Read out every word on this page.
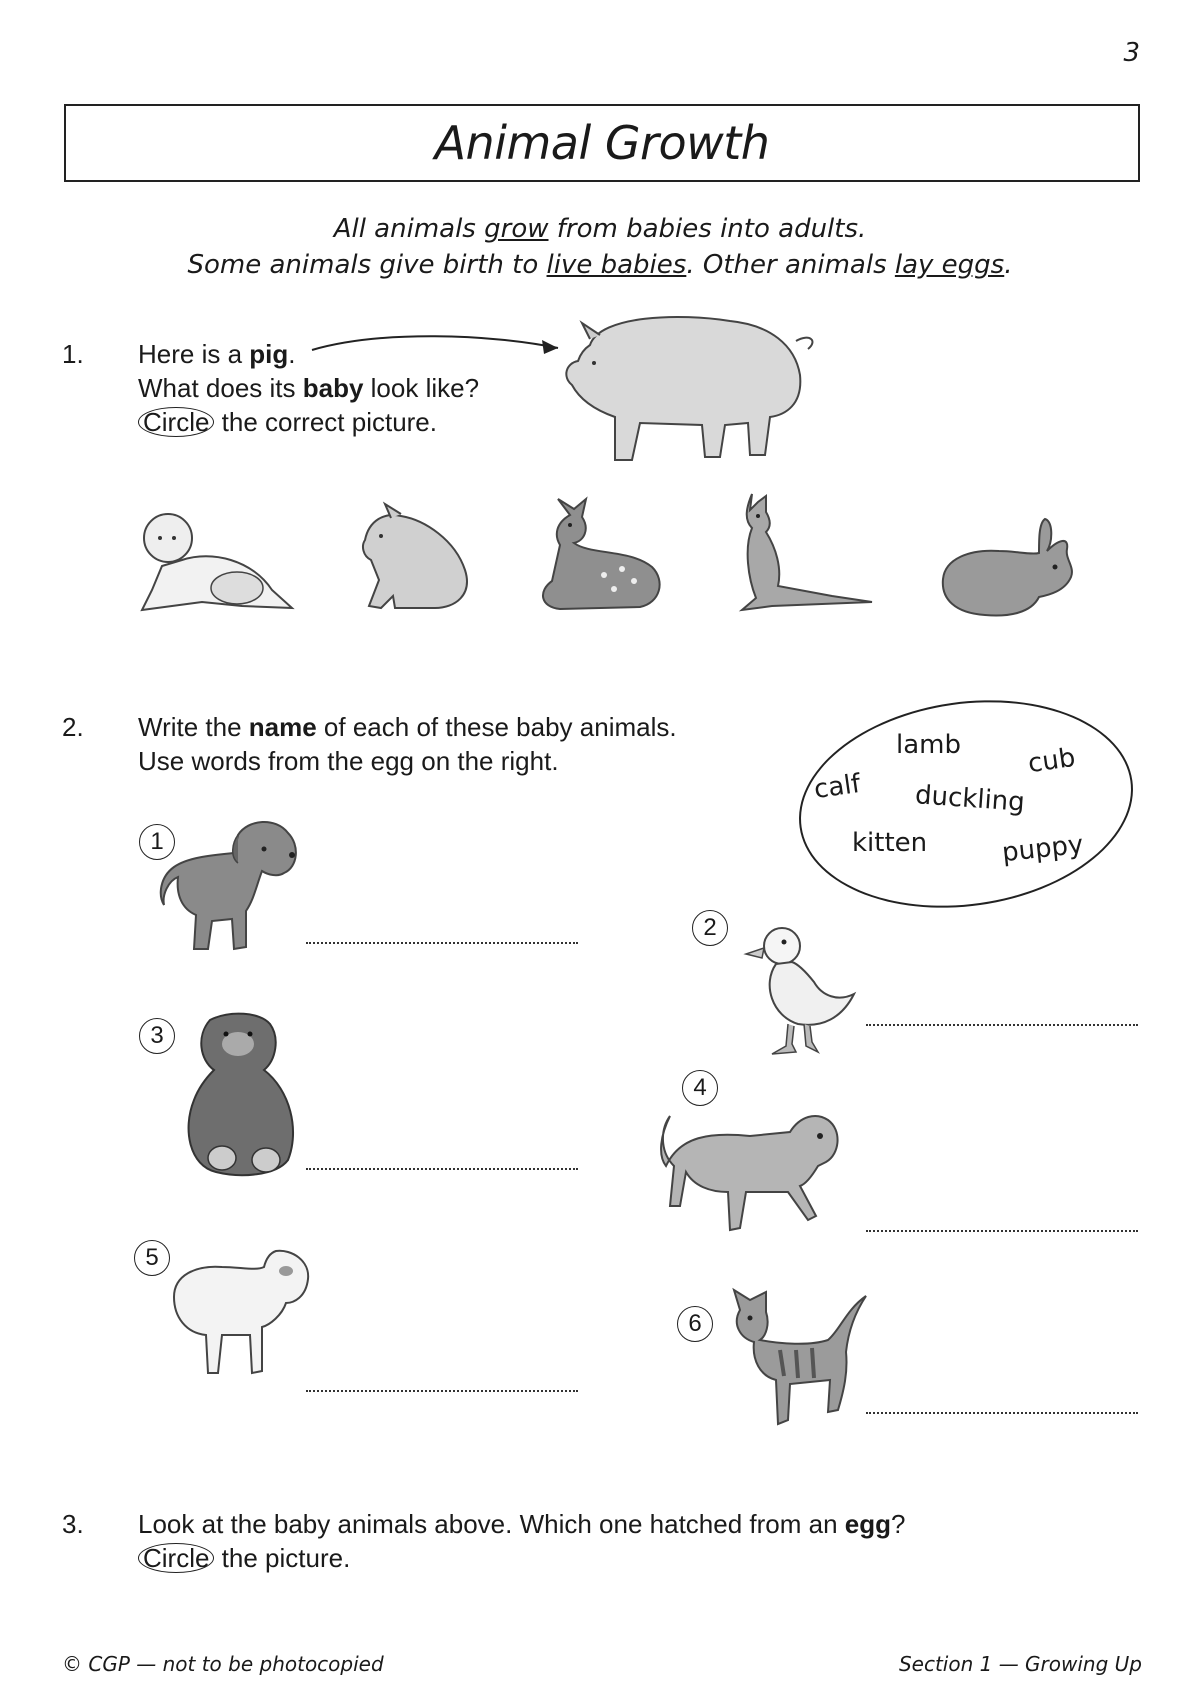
3
Animal Growth
All animals grow from babies into adults.
Some animals give birth to live babies. Other animals lay eggs.
1. Here is a pig.
What does its baby look like?
Circle the correct picture.
2. Write the name of each of these baby animals.
Use words from the egg on the right.
lamb	cub
calf duckling
kitten	puppy
1
2
3
4
5
6
3. Look at the baby animals above. Which one hatched from an egg?
Circle the picture.
© CGP — not to be photocopied	Section 1 — Growing Up
